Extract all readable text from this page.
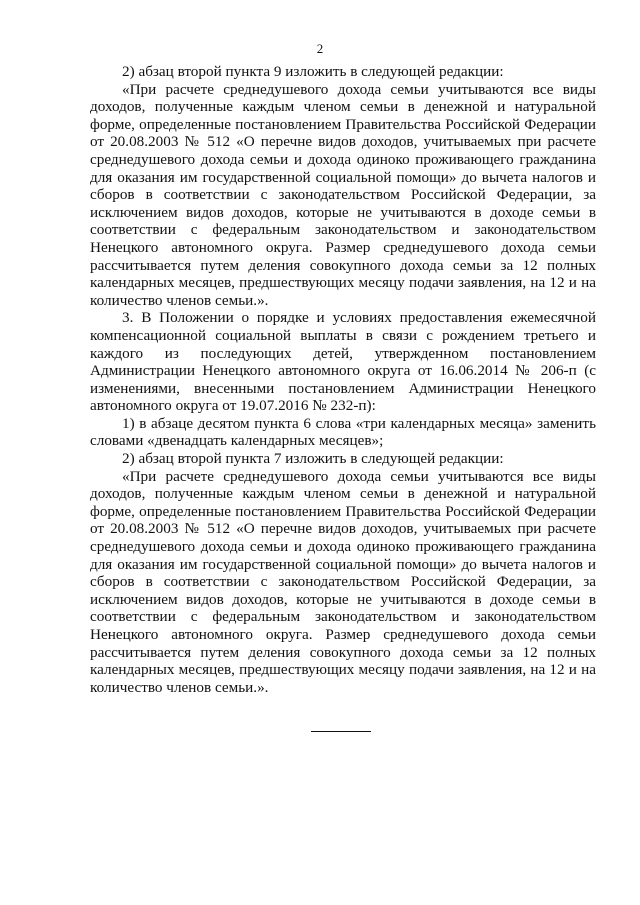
2

2) абзац второй пункта 9 изложить в следующей редакции:

«При расчете среднедушевого дохода семьи учитываются все виды доходов, полученные каждым членом семьи в денежной и натуральной форме, определенные постановлением Правительства Российской Федерации от 20.08.2003 № 512 «О перечне видов доходов, учитываемых при расчете среднедушевого дохода семьи и дохода одиноко проживающего гражданина для оказания им государственной социальной помощи» до вычета налогов и сборов в соответствии с законодательством Российской Федерации, за исключением видов доходов, которые не учитываются в доходе семьи в соответствии с федеральным законодательством и законодательством Ненецкого автономного округа. Размер среднедушевого дохода семьи рассчитывается путем деления совокупного дохода семьи за 12 полных календарных месяцев, предшествующих месяцу подачи заявления, на 12 и на количество членов семьи.».

3. В Положении о порядке и условиях предоставления ежемесячной компенсационной социальной выплаты в связи с рождением третьего и каждого из последующих детей, утвержденном постановлением Администрации Ненецкого автономного округа от 16.06.2014 № 206-п (с изменениями, внесенными постановлением Администрации Ненецкого автономного округа от 19.07.2016 № 232-п):

1) в абзаце десятом пункта 6 слова «три календарных месяца» заменить словами «двенадцать календарных месяцев»;

2) абзац второй пункта 7 изложить в следующей редакции:

«При расчете среднедушевого дохода семьи учитываются все виды доходов, полученные каждым членом семьи в денежной и натуральной форме, определенные постановлением Правительства Российской Федерации от 20.08.2003 № 512 «О перечне видов доходов, учитываемых при расчете среднедушевого дохода семьи и дохода одиноко проживающего гражданина для оказания им государственной социальной помощи» до вычета налогов и сборов в соответствии с законодательством Российской Федерации, за исключением видов доходов, которые не учитываются в доходе семьи в соответствии с федеральным законодательством и законодательством Ненецкого автономного округа. Размер среднедушевого дохода семьи рассчитывается путем деления совокупного дохода семьи за 12 полных календарных месяцев, предшествующих месяцу подачи заявления, на 12 и на количество членов семьи.».
